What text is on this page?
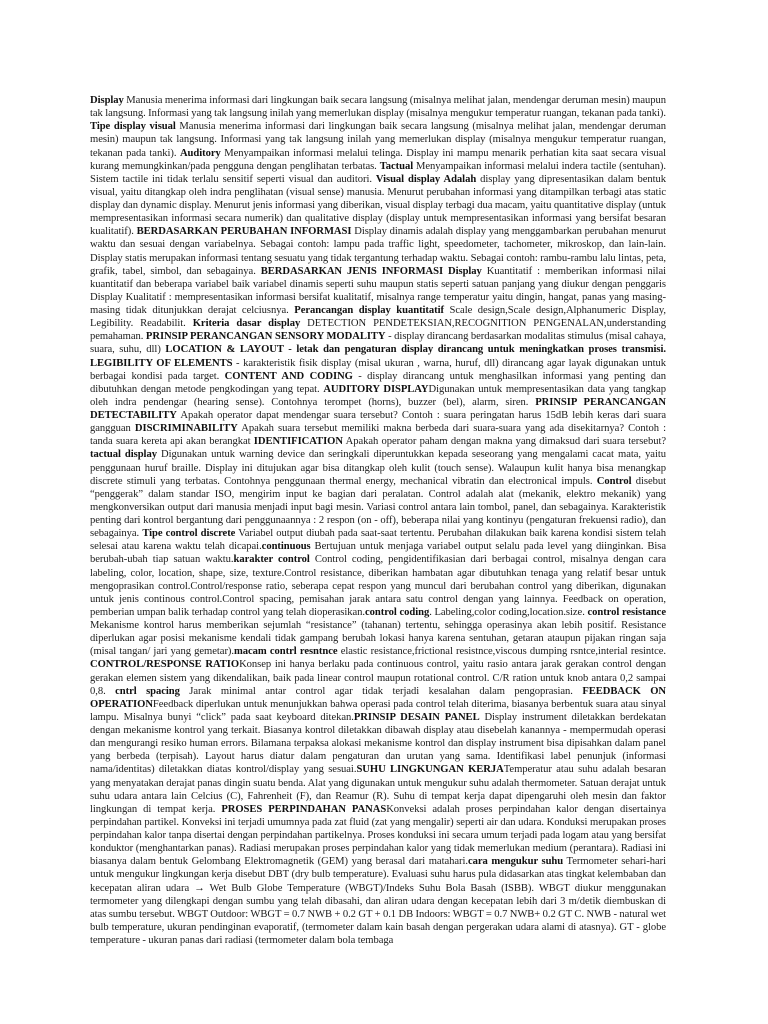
Display Manusia menerima informasi dari lingkungan baik secara langsung (misalnya melihat jalan, mendengar deruman mesin) maupun tak langsung. Informasi yang tak langsung inilah yang memerlukan display (misalnya mengukur temperatur ruangan, tekanan pada tanki). Tipe display visual Manusia menerima informasi dari lingkungan baik secara langsung (misalnya melihat jalan, mendengar deruman mesin) maupun tak langsung. Informasi yang tak langsung inilah yang memerlukan display (misalnya mengukur temperatur ruangan, tekanan pada tanki). Auditory Menyampaikan informasi melalui telinga. Display ini mampu menarik perhatian kita saat secara visual kurang memungkinkan/pada pengguna dengan penglihatan terbatas. Tactual Menyampaikan informasi melalui indera tactile (sentuhan). Sistem tactile ini tidak terlalu sensitif seperti visual dan auditori. Visual display Adalah display yang dipresentasikan dalam bentuk visual, yaitu ditangkap oleh indra penglihatan (visual sense) manusia. Menurut perubahan informasi yang ditampilkan terbagi atas static display dan dynamic display. Menurut jenis informasi yang diberikan, visual display terbagi dua macam, yaitu quantitative display (untuk mempresentasikan informasi secara numerik) dan qualitative display (display untuk mempresentasikan informasi yang bersifat besaran kualitatif). BERDASARKAN PERUBAHAN INFORMASI Display dinamis adalah display yang menggambarkan perubahan menurut waktu dan sesuai dengan variabelnya. Sebagai contoh: lampu pada traffic light, speedometer, tachometer, mikroskop, dan lain-lain. Display statis merupakan informasi tentang sesuatu yang tidak tergantung terhadap waktu. Sebagai contoh: rambu-rambu lalu lintas, peta, grafik, tabel, simbol, dan sebagainya. BERDASARKAN JENIS INFORMASI Display Kuantitatif : memberikan informasi nilai kuantitatif dan beberapa variabel baik variabel dinamis seperti suhu maupun statis seperti satuan panjang yang diukur dengan penggaris Display Kualitatif : mempresentasikan informasi bersifat kualitatif, misalnya range temperatur yaitu dingin, hangat, panas yang masing-masing tidak ditunjukkan derajat celciusnya. Perancangan display kuantitatif Scale design,Scale design,Alphanumeric Display, Legibility. Readabilit. Kriteria dasar display DETECTION PENDETEKSIAN,RECOGNITION PENGENALAN,understanding pemahaman. PRINSIP PERANCANGAN SENSORY MODALITY - display dirancang berdasarkan modalitas stimulus (misal cahaya, suara, suhu, dll) LOCATION & LAYOUT - letak dan pengaturan display dirancang untuk meningkatkan proses transmisi. LEGIBILITY OF ELEMENTS - karakteristik fisik display (misal ukuran , warna, huruf, dll) dirancang agar layak digunakan untuk berbagai kondisi pada target. CONTENT AND CODING - display dirancang untuk menghasilkan informasi yang penting dan dibutuhkan dengan metode pengkodingan yang tepat. AUDITORY DISPLAYDigunakan untuk mempresentasikan data yang tangkap oleh indra pendengar (hearing sense). Contohnya terompet (horns), buzzer (bel), alarm, siren. PRINSIP PERANCANGAN DETECTABILITY Apakah operator dapat mendengar suara tersebut? Contoh : suara peringatan harus 15dB lebih keras dari suara gangguan DISCRIMINABILITY Apakah suara tersebut memiliki makna berbeda dari suara-suara yang ada disekitarnya? Contoh : tanda suara kereta api akan berangkat IDENTIFICATION Apakah operator paham dengan makna yang dimaksud dari suara tersebut?tactual display Digunakan untuk warning device dan seringkali diperuntukkan kepada seseorang yang mengalami cacat mata, yaitu penggunaan huruf braille. Display ini ditujukan agar bisa ditangkap oleh kulit (touch sense). Walaupun kulit hanya bisa menangkap discrete stimuli yang terbatas. Contohnya penggunaan thermal energy, mechanical vibratin dan electronical impuls. Control disebut “penggerak” dalam standar ISO, mengirim input ke bagian dari peralatan. Control adalah alat (mekanik, elektro mekanik) yang mengkonversikan output dari manusia menjadi input bagi mesin. Variasi control antara lain tombol, panel, dan sebagainya. Karakteristik penting dari kontrol bergantung dari penggunaannya : 2 respon (on - off), beberapa nilai yang kontinyu (pengaturan frekuensi radio), dan sebagainya. Tipe control discrete Variabel output diubah pada saat-saat tertentu. Perubahan dilakukan baik karena kondisi sistem telah selesai atau karena waktu telah dicapai.continuous Bertujuan untuk menjaga variabel output selalu pada level yang diinginkan. Bisa berubah-ubah tiap satuan waktu.karakter control Control coding, pengidentifikasian dari berbagai control, misalnya dengan cara labeling, color, location, shape, size, texture.Control resistance, diberikan hambatan agar dibutuhkan tenaga yang relatif besar untuk mengoprasikan control.Control/response ratio, seberapa cepat respon yang muncul dari berubahan control yang diberikan, digunakan untuk jenis continous control.Control spacing, pemisahan jarak antara satu control dengan yang lainnya. Feedback on operation, pemberian umpan balik terhadap control yang telah dioperasikan.control coding. Labeling,color coding,location.size. control resistance Mekanisme kontrol harus memberikan sejumlah “resistance” (tahanan) tertentu, sehingga operasinya akan lebih positif. Resistance diperlukan agar posisi mekanisme kendali tidak gampang berubah lokasi hanya karena sentuhan, getaran ataupun pijakan ringan saja (misal tangan/ jari yang gemetar).macam contrl resntnce elastic resistance,frictional resistnce,viscous dumping rsntce,interial resintce. CONTROL/RESPONSE RATIOKonsep ini hanya berlaku pada continuous control, yaitu rasio antara jarak gerakan control dengan gerakan elemen sistem yang dikendalikan, baik pada linear control maupun rotational control. C/R ration untuk knob antara 0,2 sampai 0,8. cntrl spacing Jarak minimal antar control agar tidak terjadi kesalahan dalam pengoprasian. FEEDBACK ON OPERATIONFeedback diperlukan untuk menunjukkan bahwa operasi pada control telah diterima, biasanya berbentuk suara atau sinyal lampu. Misalnya bunyi “click” pada saat keyboard ditekan.PRINSIP DESAIN PANEL Display instrument diletakkan berdekatan dengan mekanisme kontrol yang terkait. Biasanya kontrol diletakkan dibawah display atau disebelah kanannya - mempermudah operasi dan mengurangi resiko human errors. Bilamana terpaksa alokasi mekanisme kontrol dan display instrument bisa dipisahkan dalam panel yang berbeda (terpisah). Layout harus diatur dalam pengaturan dan urutan yang sama. Identifikasi label penunjuk (informasi nama/identitas) diletakkan diatas kontrol/display yang sesuai.SUHU LINGKUNGAN KERJATemperatur atau suhu adalah besaran yang menyatakan derajat panas dingin suatu benda. Alat yang digunakan untuk mengukur suhu adalah thermometer. Satuan derajat untuk suhu udara antara lain Celcius (C), Fahrenheit (F), dan Reamur (R). Suhu di tempat kerja dapat dipengaruhi oleh mesin dan faktor lingkungan di tempat kerja. PROSES PERPINDAHAN PANASKonveksi adalah proses perpindahan kalor dengan disertainya perpindahan partikel. Konveksi ini terjadi umumnya pada zat fluid (zat yang mengalir) seperti air dan udara. Konduksi merupakan proses perpindahan kalor tanpa disertai dengan perpindahan partikelnya. Proses konduksi ini secara umum terjadi pada logam atau yang bersifat konduktor (menghantarkan panas). Radiasi merupakan proses perpindahan kalor yang tidak memerlukan medium (perantara). Radiasi ini biasanya dalam bentuk Gelombang Elektromagnetik (GEM) yang berasal dari matahari.cara mengukur suhu Termometer sehari-hari untuk mengukur lingkungan kerja disebut DBT (dry bulb temperature). Evaluasi suhu harus pula didasarkan atas tingkat kelembaban dan kecepatan aliran udara → Wet Bulb Globe Temperature (WBGT)/Indeks Suhu Bola Basah (ISBB). WBGT diukur menggunakan termometer yang dilengkapi dengan sumbu yang telah dibasahi, dan aliran udara dengan kecepatan lebih dari 3 m/detik diembuskan di atas sumbu tersebut. WBGT Outdoor: WBGT = 0.7 NWB + 0.2 GT + 0.1 DB Indoors: WBGT = 0.7 NWB+ 0.2 GT C. NWB - natural wet bulb temperature, ukuran pendinginan evaporatif, (termometer dalam kain basah dengan pergerakan udara alami di atasnya). GT - globe temperature - ukuran panas dari radiasi (termometer dalam bola tembaga
